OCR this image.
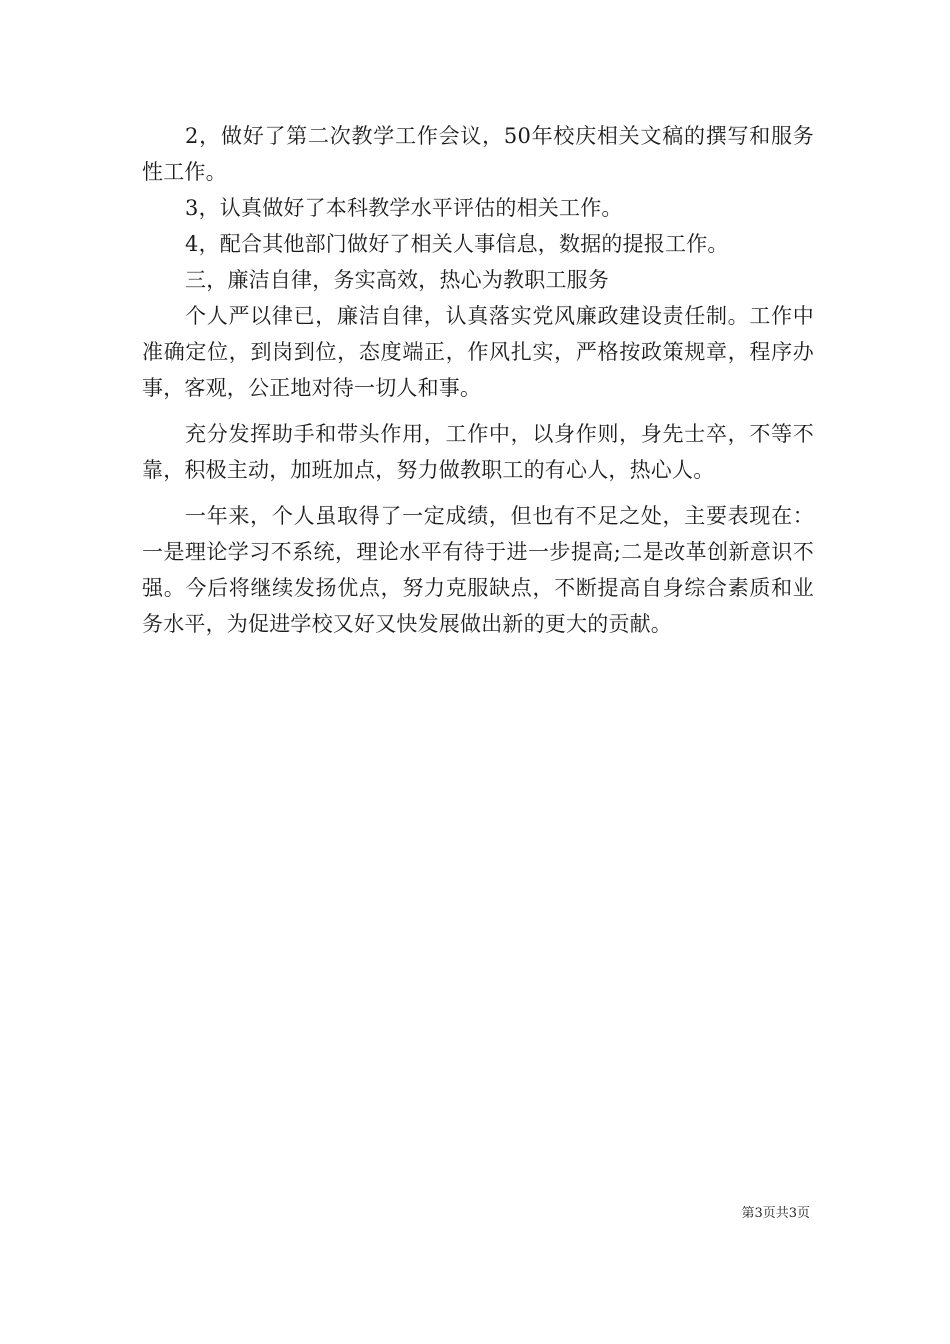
2，做好了第二次教学工作会议，50年校庆相关文稿的撰写和服务性工作。

3，认真做好了本科教学水平评估的相关工作。

4，配合其他部门做好了相关人事信息，数据的提报工作。

三，廉洁自律，务实高效，热心为教职工服务

个人严以律已，廉洁自律，认真落实党风廉政建设责任制。工作中准确定位，到岗到位，态度端正，作风扎实，严格按政策规章，程序办事，客观，公正地对待一切人和事。

充分发挥助手和带头作用，工作中，以身作则，身先士卒，不等不靠，积极主动，加班加点，努力做教职工的有心人，热心人。

一年来，个人虽取得了一定成绩，但也有不足之处，主要表现在：一是理论学习不系统，理论水平有待于进一步提高;二是改革创新意识不强。今后将继续发扬优点，努力克服缺点，不断提高自身综合素质和业务水平，为促进学校又好又快发展做出新的更大的贡献。

第3页共3页
